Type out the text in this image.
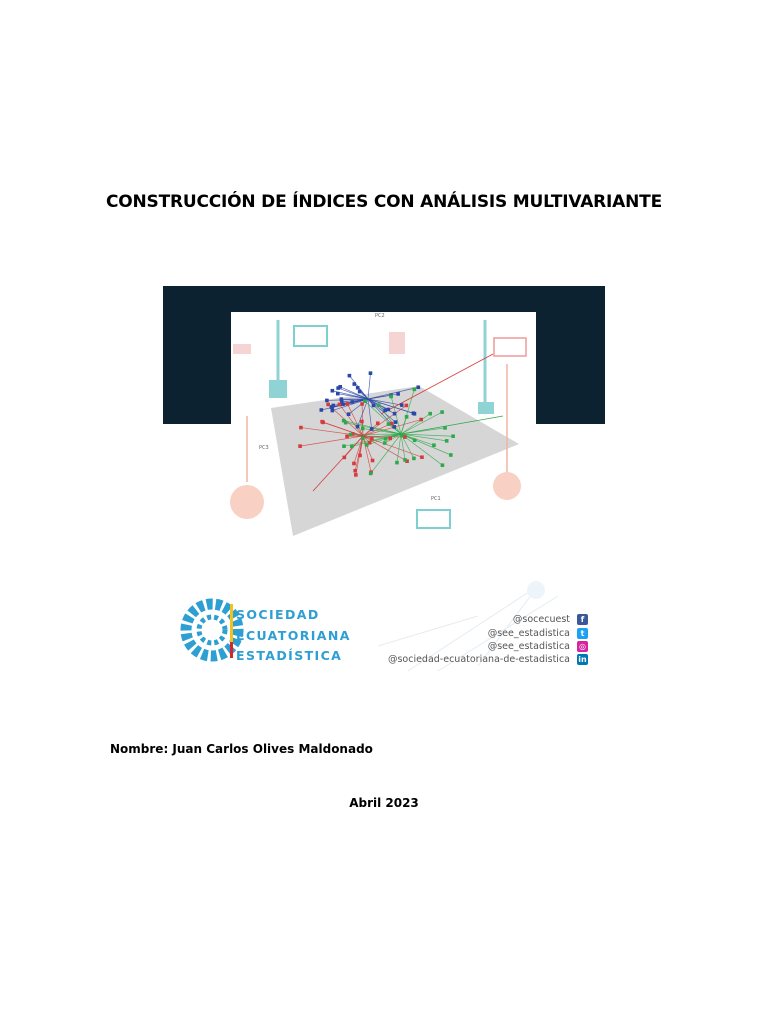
CONSTRUCCIÓN DE ÍNDICES CON ANÁLISIS MULTIVARIANTE
PC2
PC3
PC1
SOCIEDAD
ECUATORIANA
ESTADÍSTICA
@socecuest	f
@see_estadistica	t
@see_estadistica ◎
@sociedad-ecuatoriana-de-estadistica in
Nombre: Juan Carlos Olives Maldonado
Abril 2023
